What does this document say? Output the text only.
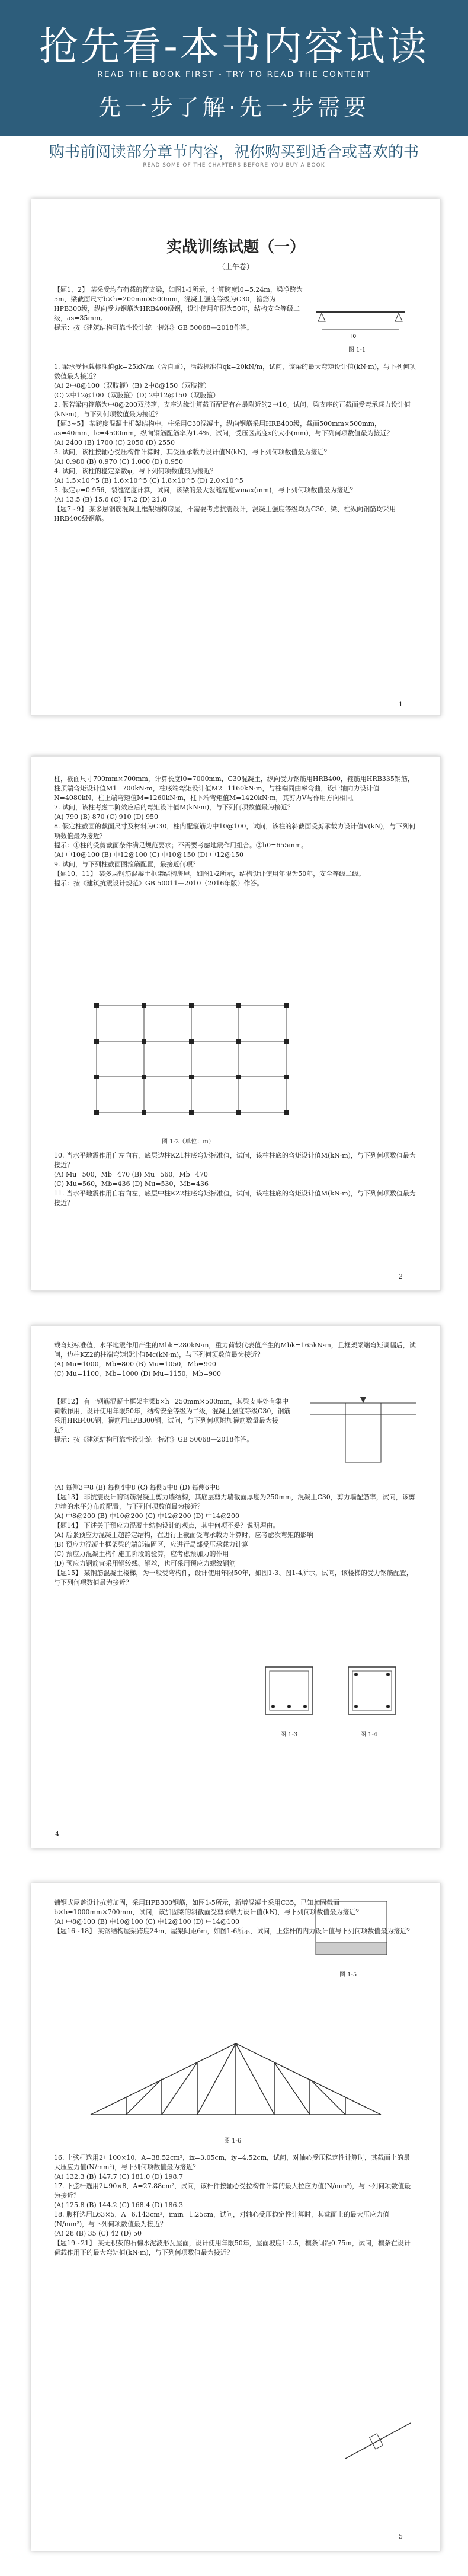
抢先看-本书内容试读
READ THE BOOK FIRST - TRY TO READ THE CONTENT
先一步了解·先一步需要
购书前阅读部分章节内容，祝你购买到适合或喜欢的书
READ SOME OF THE CHAPTERS BEFORE YOU BUY A BOOK
实战训练试题（一）
（上午卷）
l0
图 1-1
【题1、2】 某采受均布荷载的简支梁，如图1-1所示，计算跨度l0=5.24m，梁净跨为5m，梁截面尺寸b×h=200mm×500mm，混凝土强度等级为C30，箍筋为HPB300级，纵向受力钢筋为HRB400级钢，设计使用年限为50年，结构安全等级二级，as=35mm。
提示：按《建筑结构可靠性设计统一标准》GB 50068—2018作答。
1. 梁承受恒载标准值gk=25kN/m（含自重），活载标准值qk=20kN/m，试问，该梁的最大弯矩设计值(kN·m)，与下列何项数值最为接近？
(A) 2中8@100（双肢箍）(B) 2中8@150（双肢箍）
(C) 2中12@100（双肢箍）(D) 2中12@150（双肢箍）
2. 假若梁内箍筋为中8@200双肢箍，支座边缘计算截面配置有在最附近的2中16。试问，梁支座的正截面受弯承载力设计值(kN·m)，与下列何项数值最为接近？
【题3~5】 某跨度混凝土框架结构中，柱采用C30混凝土，纵向钢筋采用HRB400级，截面500mm×500mm，as=40mm，lc=4500mm，纵向钢筋配筋率为1.4%，试问，受压区高度x的大小(mm)，与下列何项数值最为接近？
(A) 2400 (B) 1700 (C) 2050 (D) 2550
3. 试问，该柱按轴心受压构件计算时，其受压承载力设计值N(kN)，与下列何项数值最为接近？
(A) 0.980 (B) 0.970 (C) 1.000 (D) 0.950
4. 试问，该柱的稳定系数φ，与下列何项数值最为接近？
(A) 1.5×10^5 (B) 1.6×10^5 (C) 1.8×10^5 (D) 2.0×10^5
5. 假定ψ=0.956，裂缝宽度计算，试问，该梁的最大裂缝宽度wmax(mm)，与下列何项数值最为接近？
(A) 13.5 (B) 15.6 (C) 17.2 (D) 21.8
【题7~9】 某多层钢筋混凝土框架结构房屋，不需要考虑抗震设计，混凝土强度等级均为C30，梁、柱纵向钢筋均采用HRB400级钢筋。
1
柱，截面尺寸700mm×700mm，计算长度l0=7000mm，C30混凝土，纵向受力钢筋用HRB400，箍筋用HRB335钢筋，柱顶端弯矩设计值M1=700kN·m，柱底端弯矩设计值M2=1160kN·m，与柱端同曲率弯曲，设计轴向力设计值N=4080kN，柱上端弯矩值M=1260kN·m，柱下端弯矩值M=1420kN·m，其剪力V与作用方向相同。
7. 试问，该柱考虑二阶效应后的弯矩设计值M(kN·m)，与下列何项数值最为接近？
(A) 790 (B) 870 (C) 910 (D) 950
8. 假定柱截面的截面尺寸及材料为C30，柱内配箍筋为中10@100，试问，该柱的斜截面受剪承载力设计值V(kN)，与下列何项数值最为接近？
提示：①柱的受剪截面条件满足规范要求；不需要考虑地震作用组合。②h0=655mm。
(A) 中10@100 (B) 中12@100 (C) 中10@150 (D) 中12@150
9. 试问，与下列柱截面图箍筋配置，最接近何项？
【题10、11】 某多层钢筋混凝土框架结构房屋，如图1-2所示，结构设计使用年限为50年，安全等级二级。
提示：按《建筑抗震设计规范》GB 50011—2010（2016年版）作答。
图 1-2（单位：m）
10. 当水平地震作用自左向右，底层边柱KZ1柱底弯矩标准值，试问，该柱柱底的弯矩设计值M(kN·m)，与下列何项数值最为接近？
(A) Mu=500，Mb=470 (B) Mu=560，Mb=470
(C) Mu=560，Mb=436 (D) Mu=530，Mb=436
11. 当水平地震作用自右向左，底层中柱KZ2柱底弯矩标准值，试问，该柱柱底的弯矩设计值M(kN·m)，与下列何项数值最为接近？
2
载弯矩标准值，水平地震作用产生的Mbk=280kN·m，重力荷载代表值产生的Mbk=165kN·m，且框架梁端弯矩调幅后，试问，边柱KZ2的柱端弯矩设计值Mc(kN·m)，与下列何项数值最为接近？
(A) Mu=1000，Mb=800 (B) Mu=1050，Mb=900
(C) Mu=1100，Mb=1000 (D) Mu=1150，Mb=900
【题12】 有一钢筋混凝土框架主梁b×h=250mm×500mm，其梁支座处有集中荷载作用，设计使用年限50年，结构安全等级为二级，混凝土强度等级C30，钢筋采用HRB400钢，箍筋用HPB300钢，试问，与下列何项附加箍筋数量最为接近？
提示：按《建筑结构可靠性设计统一标准》GB 50068—2018作答。
(A) 每侧3中8 (B) 每侧4中8 (C) 每侧5中8 (D) 每侧6中8
【题13】 非抗震设计的钢筋混凝土剪力墙结构，其底层剪力墙截面厚度为250mm，混凝土C30，剪力墙配筋率，试问，该剪力墙的水平分布筋配置，与下列何项数值最为接近？
(A) 中8@200 (B) 中10@200 (C) 中12@200 (D) 中14@200
【题14】 下述关于预应力混凝土结构设计的观点，其中何项不妥？说明理由。
(A) 后张预应力混凝土超静定结构，在进行正截面受弯承载力计算时，应考虑次弯矩的影响
(B) 预应力混凝土框架梁的端部锚固区，应进行局部受压承载力计算
(C) 预应力混凝土构件施工阶段的验算，应考虑预加力的作用
(D) 预应力钢筋宜采用钢绞线、钢丝，也可采用预应力螺纹钢筋
【题15】 某钢筋混凝土楼梯，为一般受弯构件，设计使用年限50年，如图1-3、图1-4所示，试问，该楼梯的受力钢筋配置，与下列何项数值最为接近？
图 1-3	图 1-4
4
铺钢式屋盖设计抗剪加固，采用HPB300钢筋，如图1-5所示，新增混凝土采用C35，已知加固截面b×h=1000mm×700mm，试问，该加固梁的斜截面受剪承载力设计值(kN)，与下列何项数值最为接近？
(A) 中8@100 (B) 中10@100 (C) 中12@100 (D) 中14@100
【题16~18】 某钢结构屋架跨度24m，屋架间距6m，如图1-6所示，试问，上弦杆的内力设计值与下列何项数值最为接近？
图 1-5
图 1-6
16. 上弦杆选用2∟100×10，A=38.52cm²，ix=3.05cm，iy=4.52cm，试问，对轴心受压稳定性计算时，其截面上的最大压应力值(N/mm²)，与下列何项数值最为接近？
(A) 132.3 (B) 147.7 (C) 181.0 (D) 198.7
17. 下弦杆选用2∟90×8，A=27.88cm²，试问，该杆件按轴心受拉构件计算的最大拉应力值(N/mm²)，与下列何项数值最为接近？
(A) 125.8 (B) 144.2 (C) 168.4 (D) 186.3
18. 腹杆选用L63×5，A=6.143cm²，imin=1.25cm，试问，对轴心受压稳定性计算时，其截面上的最大压应力值(N/mm²)，与下列何项数值最为接近？
(A) 28 (B) 35 (C) 42 (D) 50
【题19~21】 某无积灰的石棉水泥波形瓦屋面，设计使用年限50年，屋面坡度1:2.5，檩条间距0.75m，试问，檩条在设计荷载作用下的最大弯矩值(kN·m)，与下列何项数值最为接近？
5
